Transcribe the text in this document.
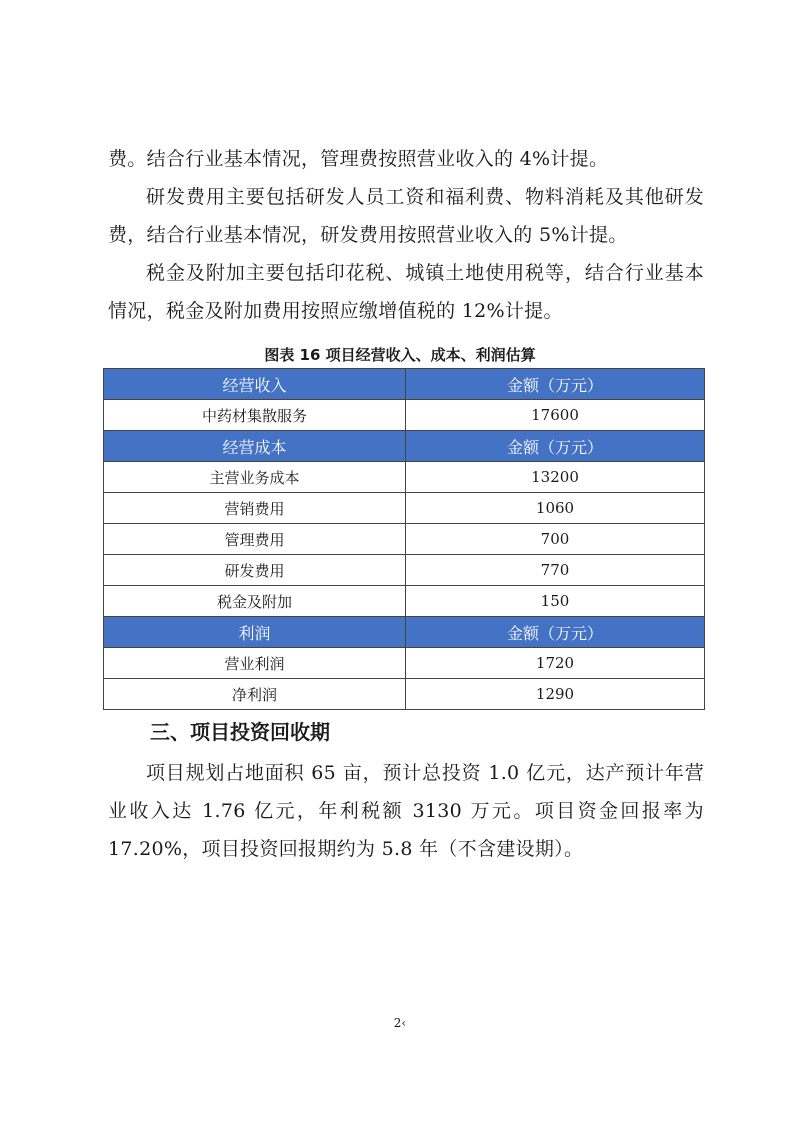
费。结合行业基本情况，管理费按照营业收入的 4%计提。

研发费用主要包括研发人员工资和福利费、物料消耗及其他研发费，结合行业基本情况，研发费用按照营业收入的 5%计提。

税金及附加主要包括印花税、城镇土地使用税等，结合行业基本情况，税金及附加费用按照应缴增值税的 12%计提。

图表 16 项目经营收入、成本、利润估算
经营收入	金额（万元）
中药材集散服务	17600
经营成本	金额（万元）
主营业务成本	13200
营销费用	1060
管理费用	700
研发费用	770
税金及附加	150
利润	金额（万元）
营业利润	1720
净利润	1290
三、项目投资回收期

项目规划占地面积 65 亩，预计总投资 1.0 亿元，达产预计年营业收入达 1.76 亿元，年利税额 3130 万元。项目资金回报率为 17.20%，项目投资回报期约为 5.8 年（不含建设期）。

2‹
